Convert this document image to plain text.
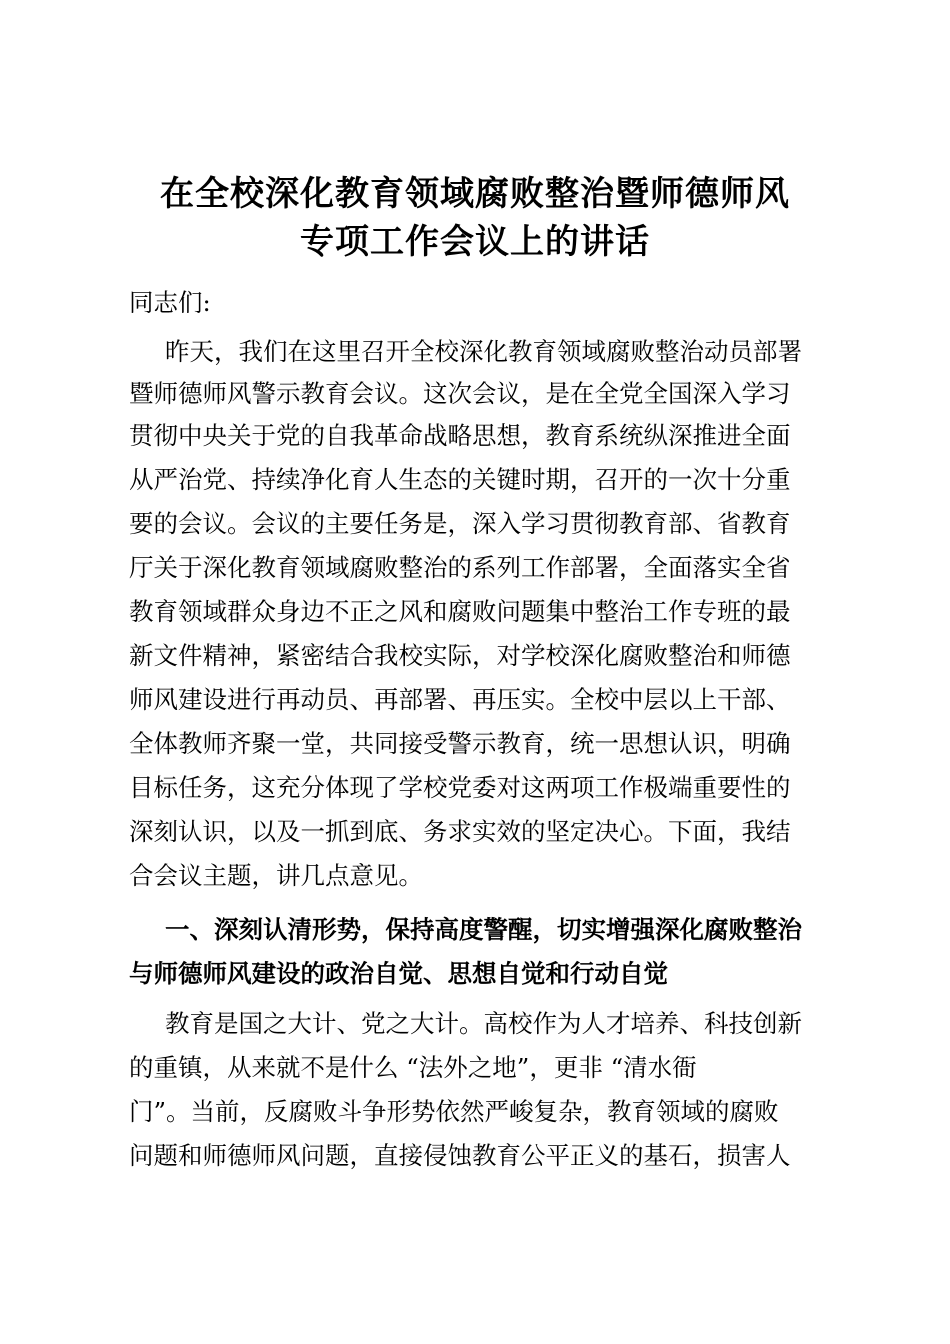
在全校深化教育领域腐败整治暨师德师风
专项工作会议上的讲话
同志们:
昨天，我们在这里召开全校深化教育领域腐败整治动员部署
暨师德师风警示教育会议。这次会议，是在全党全国深入学习
贯彻中央关于党的自我革命战略思想，教育系统纵深推进全面
从严治党、持续净化育人生态的关键时期，召开的一次十分重
要的会议。会议的主要任务是，深入学习贯彻教育部、省教育
厅关于深化教育领域腐败整治的系列工作部署，全面落实全省
教育领域群众身边不正之风和腐败问题集中整治工作专班的最
新文件精神，紧密结合我校实际，对学校深化腐败整治和师德
师风建设进行再动员、再部署、再压实。全校中层以上干部、
全体教师齐聚一堂，共同接受警示教育，统一思想认识，明确
目标任务，这充分体现了学校党委对这两项工作极端重要性的
深刻认识，以及一抓到底、务求实效的坚定决心。下面，我结
合会议主题，讲几点意见。
一、深刻认清形势，保持高度警醒，切实增强深化腐败整治
与师德师风建设的政治自觉、思想自觉和行动自觉
教育是国之大计、党之大计。高校作为人才培养、科技创新
的重镇，从来就不是什么 “法外之地”，更非 “清水衙
门”。当前，反腐败斗争形势依然严峻复杂，教育领域的腐败
问题和师德师风问题，直接侵蚀教育公平正义的基石，损害人
